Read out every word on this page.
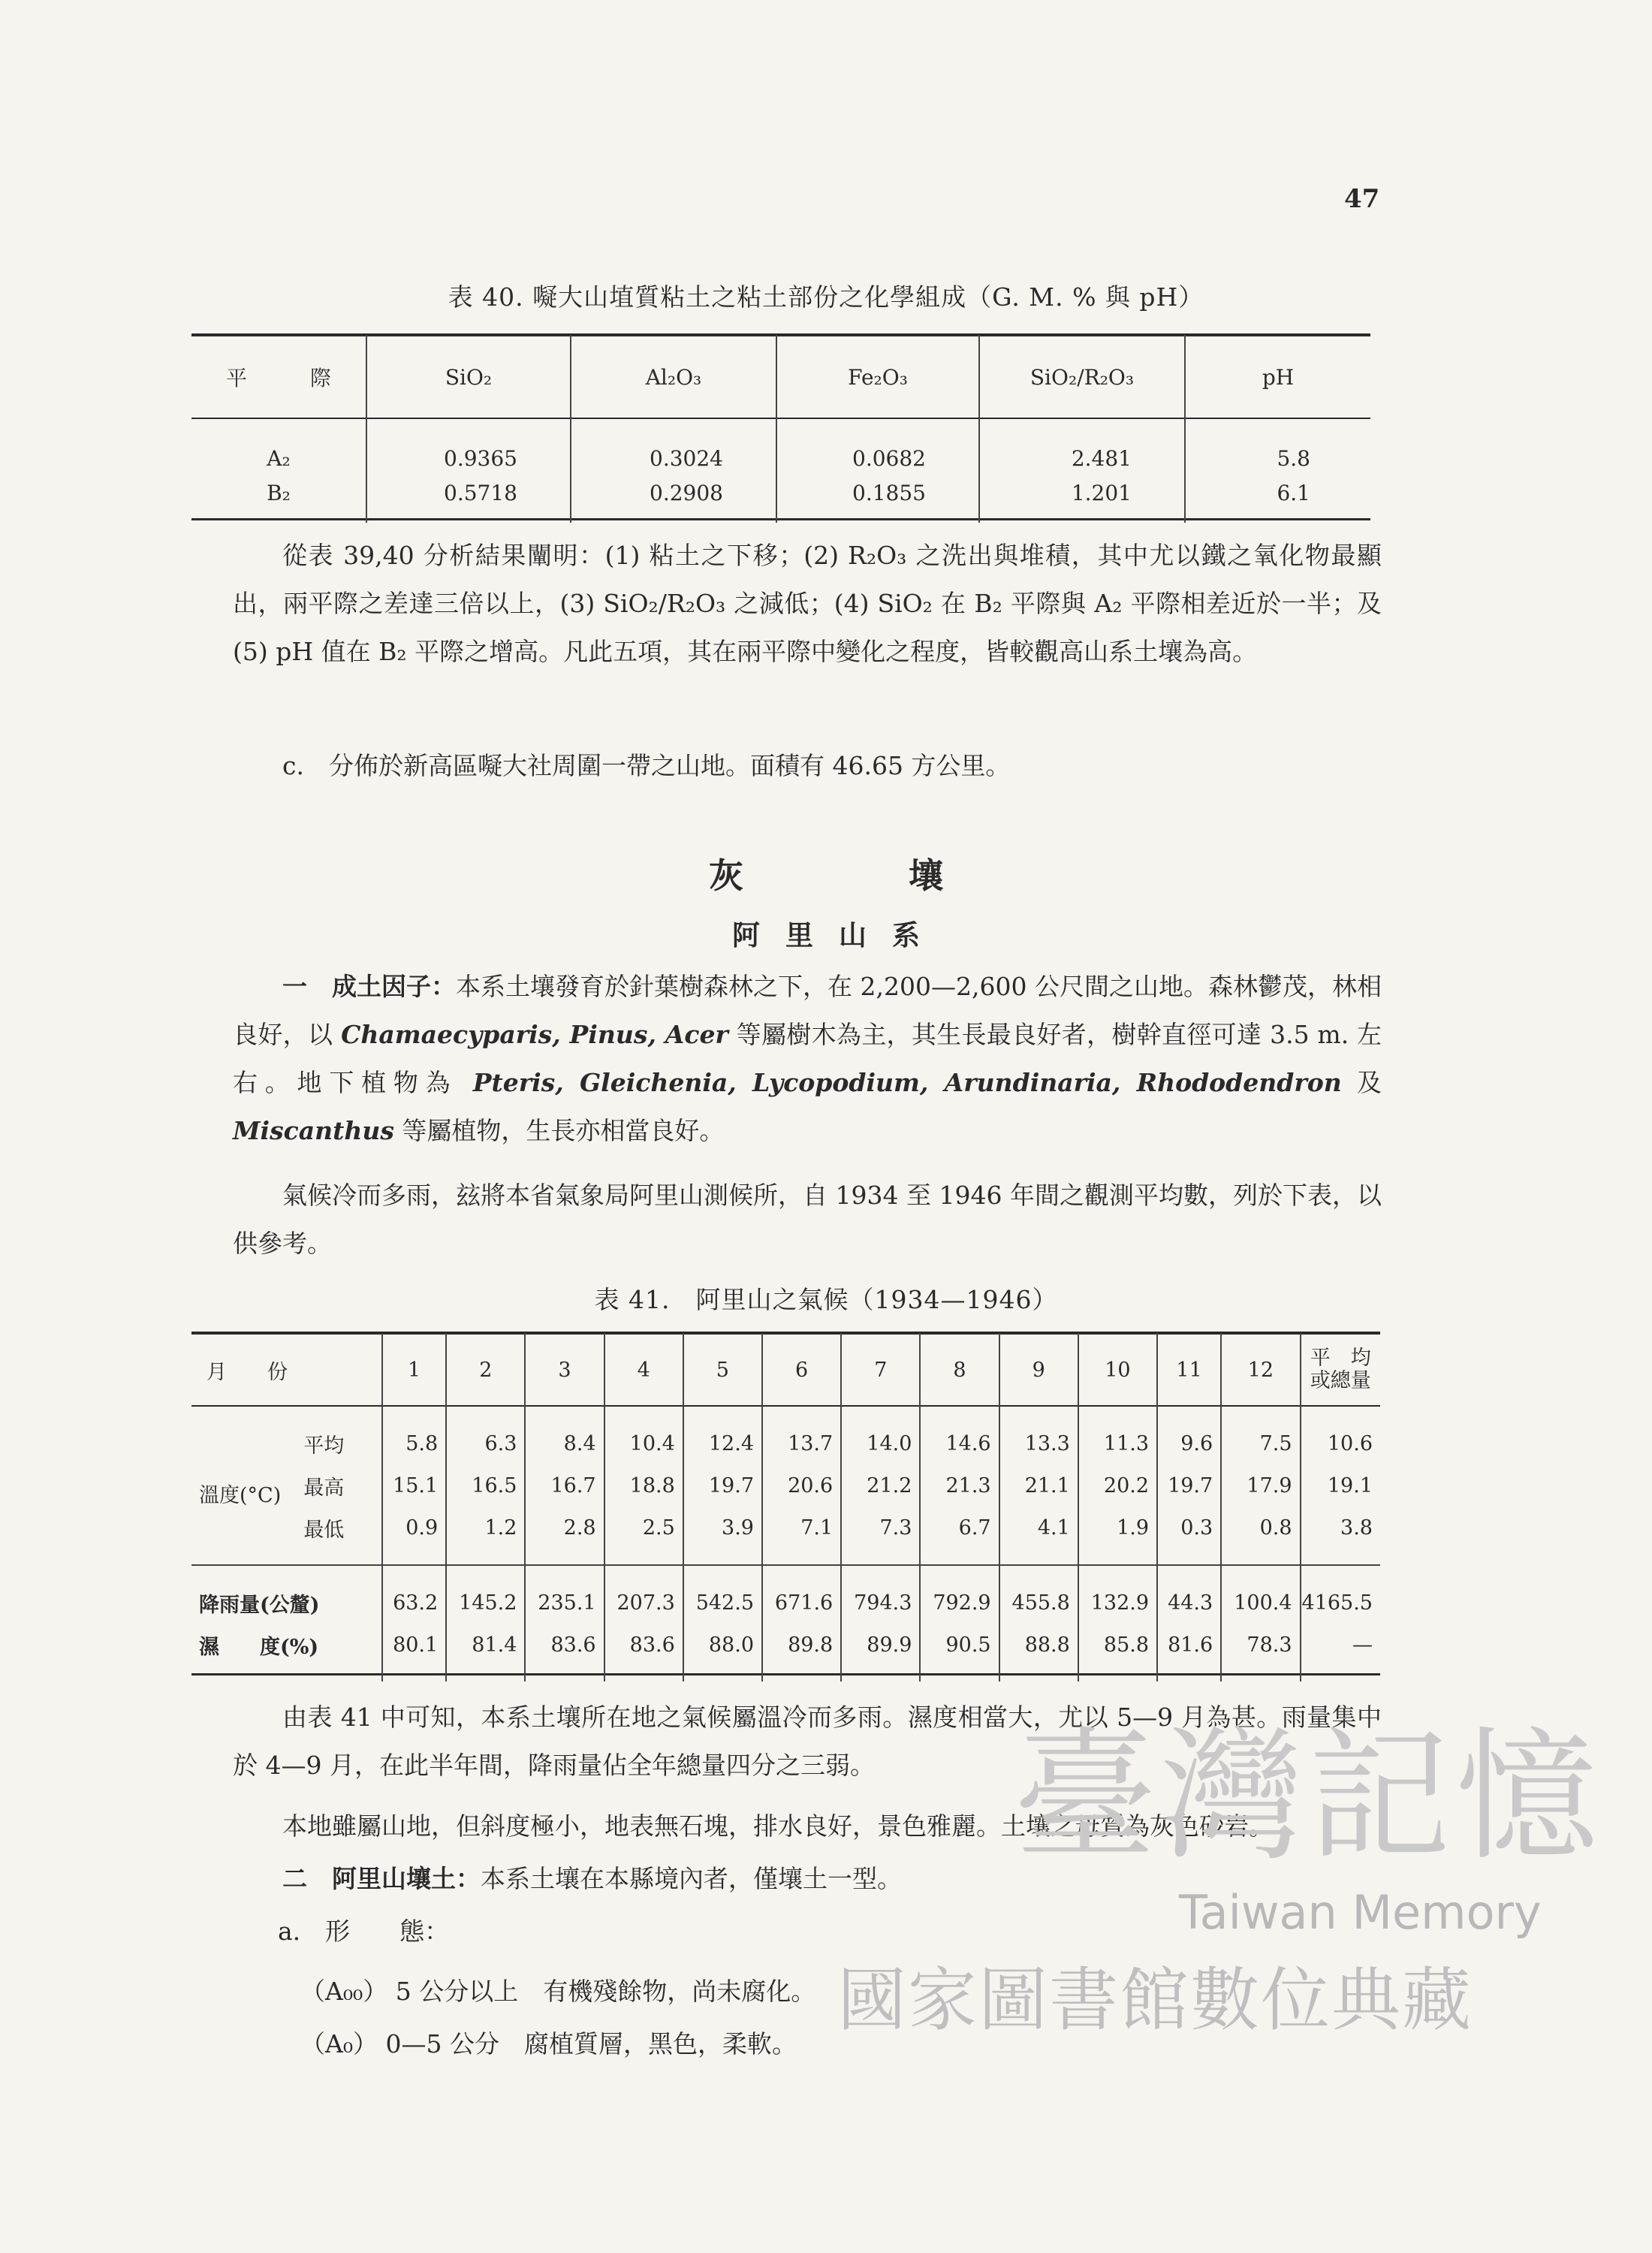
47
表 40. 㘈大山埴質粘土之粘土部份之化學組成（G. M. % 與 pH）
平　　　際	SiO₂	Al₂O₃	Fe₂O₃	SiO₂/R₂O₃	pH
A₂	0.9365	0.3024	0.0682	2.481	5.8
B₂	0.5718	0.2908	0.1855	1.201	6.1
從表 39,40 分析結果闡明：(1) 粘土之下移；(2) R₂O₃ 之洗出與堆積，其中尤以鐵之氧化物最顯出，兩平際之差達三倍以上，(3) SiO₂/R₂O₃ 之減低；(4) SiO₂ 在 B₂ 平際與 A₂ 平際相差近於一半；及 (5) pH 值在 B₂ 平際之增高。凡此五項，其在兩平際中變化之程度，皆較觀高山系土壤為高。
c.　分佈於新高區㘈大社周圍一帶之山地。面積有 46.65 方公里。
灰壤
阿里山系
一　成土因子：本系土壤發育於針葉樹森林之下，在 2,200—2,600 公尺間之山地。森林鬱茂，林相良好，以 Chamaecyparis, Pinus, Acer 等屬樹木為主，其生長最良好者，樹幹直徑可達 3.5 m. 左右。地下植物為 Pteris, Gleichenia, Lycopodium, Arundinaria, Rhododendron 及 Miscanthus 等屬植物，生長亦相當良好。
氣候冷而多雨，玆將本省氣象局阿里山測候所，自 1934 至 1946 年間之觀測平均數，列於下表，以供參考。
表 41.　阿里山之氣候（1934—1946）
月　　份		1	2	3	4	5	6	7	8	9	10	11	12	平　均 或總量
溫度(°C)	平均	5.8	6.3	8.4	10.4	12.4	13.7	14.0	14.6	13.3	11.3	9.6	7.5	10.6
	最高	15.1	16.5	16.7	18.8	19.7	20.6	21.2	21.3	21.1	20.2	19.7	17.9	19.1
	最低	0.9	1.2	2.8	2.5	3.9	7.1	7.3	6.7	4.1	1.9	0.3	0.8	3.8
降雨量(公釐)		63.2	145.2	235.1	207.3	542.5	671.6	794.3	792.9	455.8	132.9	44.3	100.4	4165.5
濕　　度(%)		80.1	81.4	83.6	83.6	88.0	89.8	89.9	90.5	88.8	85.8	81.6	78.3	—
由表 41 中可知，本系土壤所在地之氣候屬溫冷而多雨。濕度相當大，尤以 5—9 月為甚。雨量集中於 4—9 月，在此半年間，降雨量佔全年總量四分之三弱。
本地雖屬山地，但斜度極小，地表無石塊，排水良好，景色雅麗。土壤之母質為灰色砂岩。
二　阿里山壤土：本系土壤在本縣境內者，僅壤土一型。
a.　形　　態：
（A₀₀） 5 公分以上　有機殘餘物，尚未腐化。
（A₀） 0—5 公分　腐植質層，黑色，柔軟。
臺灣記憶
Taiwan Memory
國家圖書館數位典藏
